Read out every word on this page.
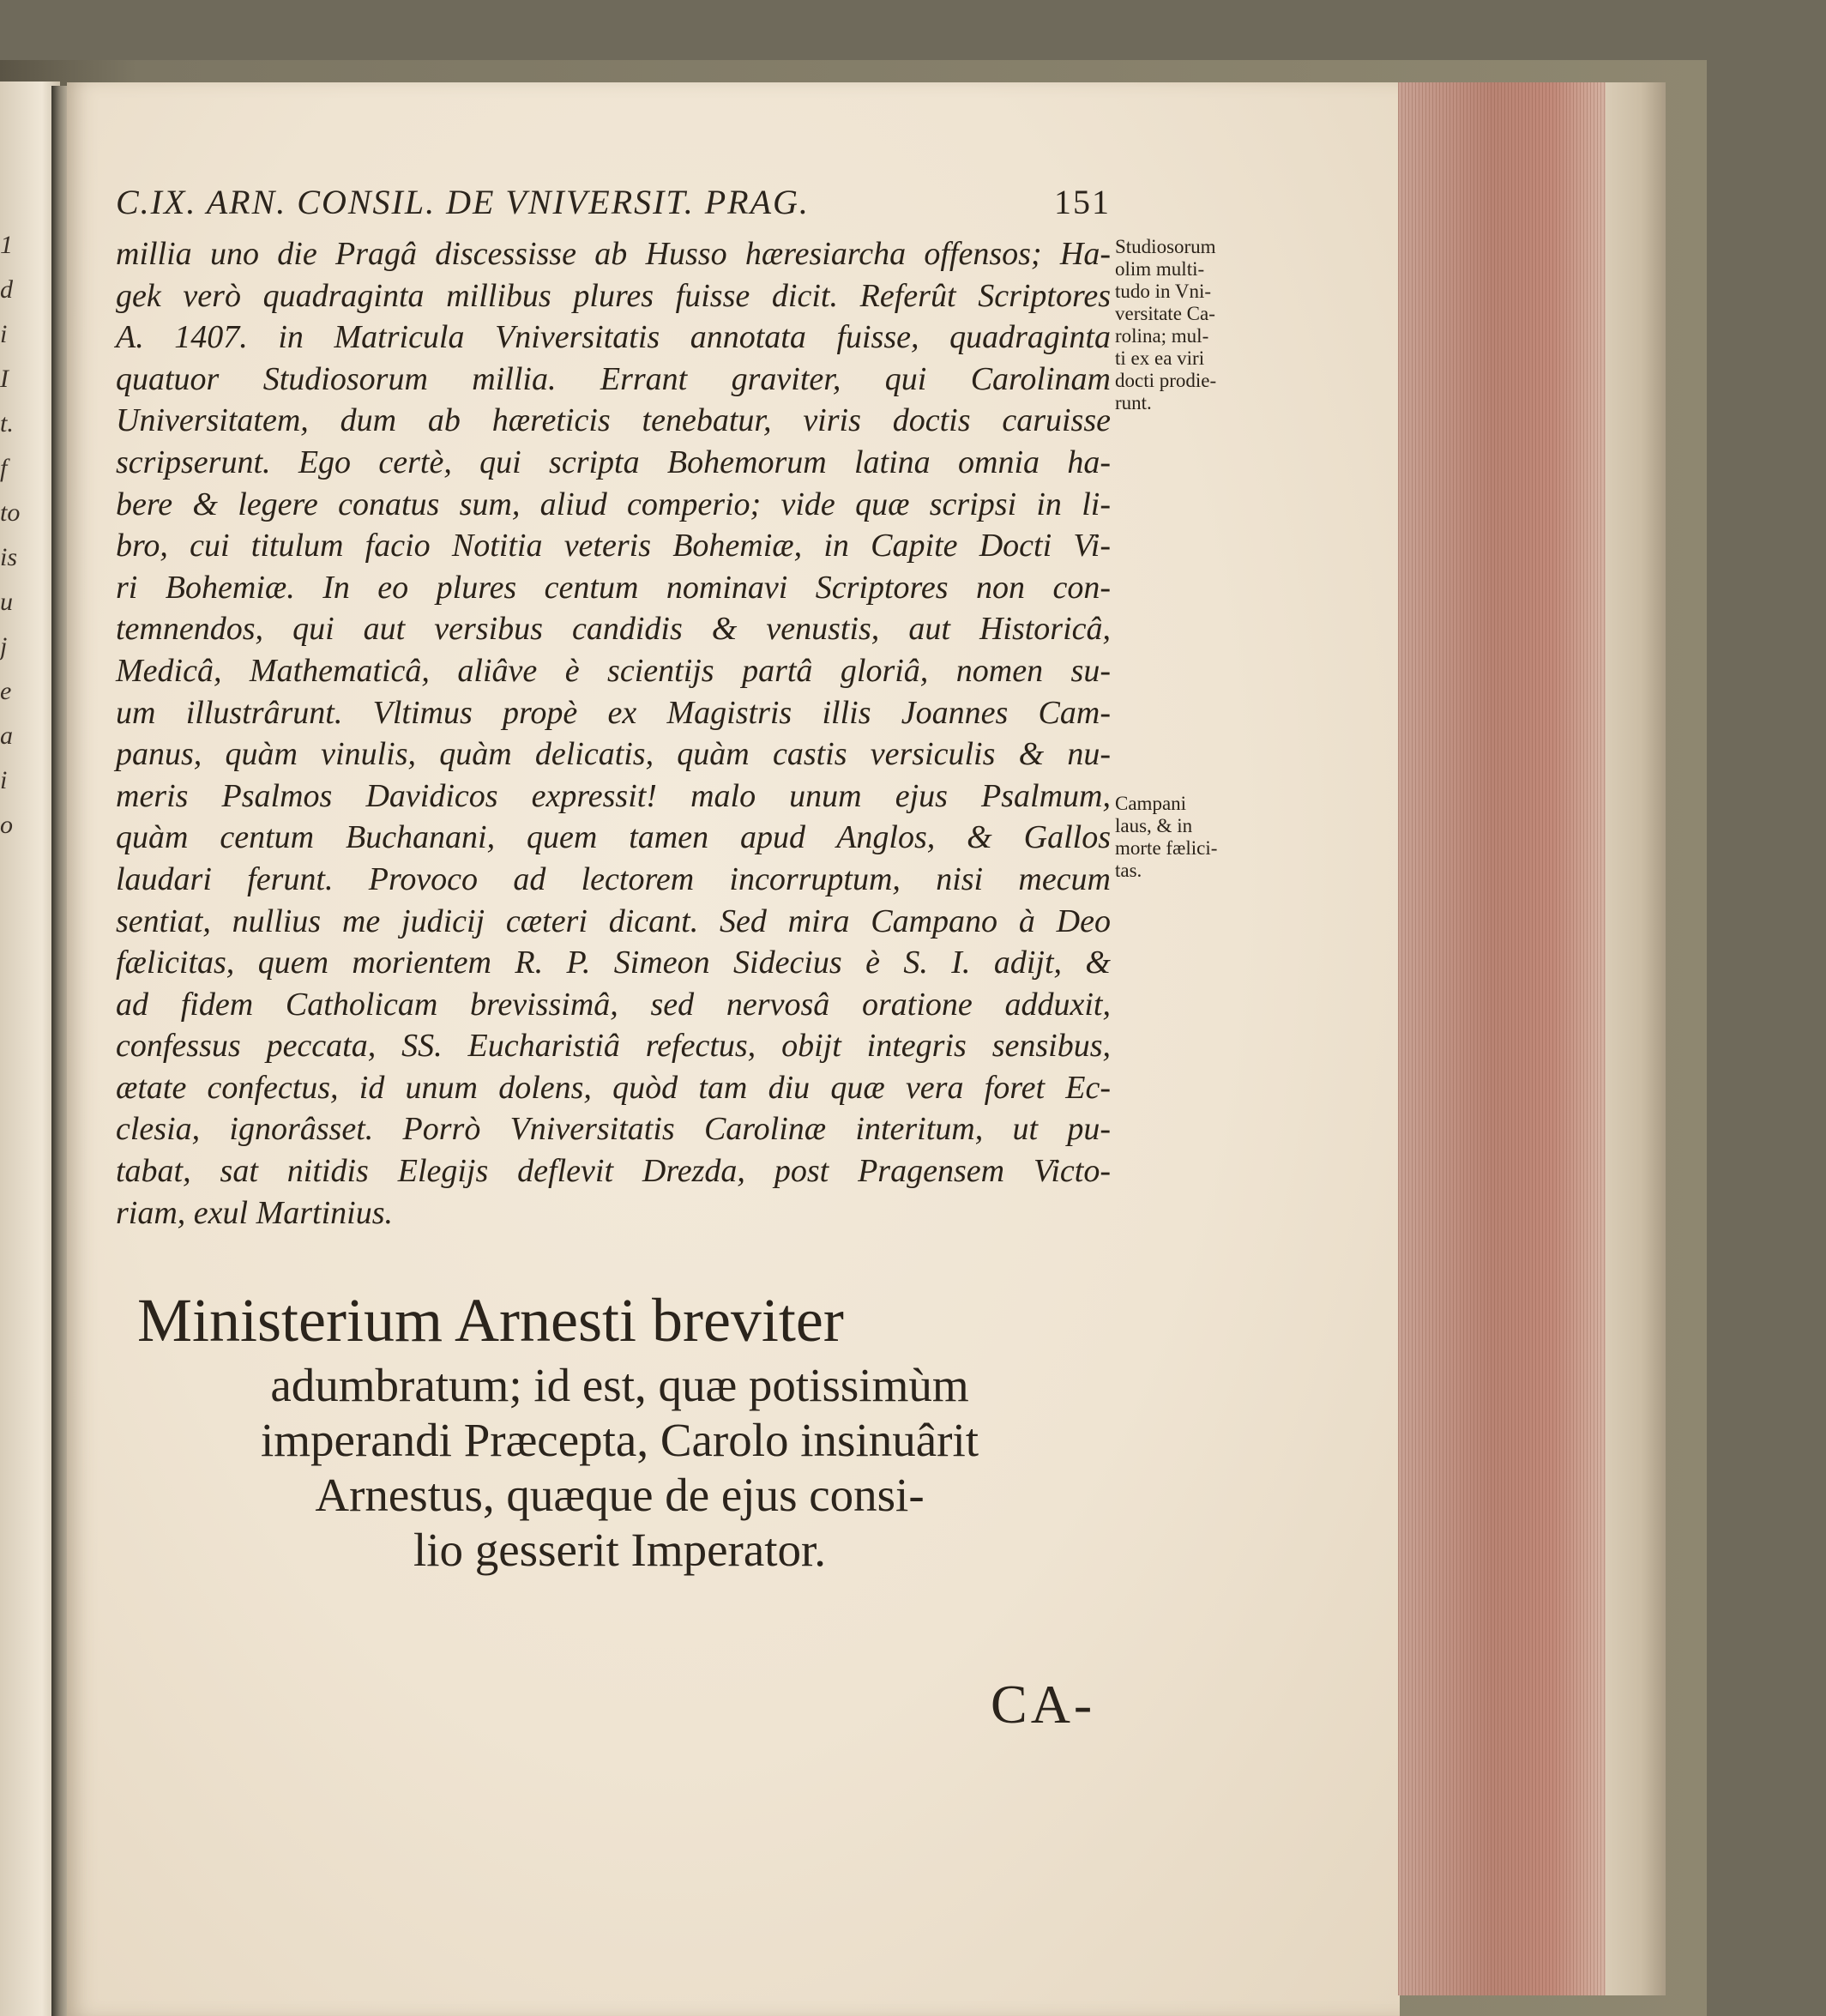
1
d
i
I
t.
f
to
is
u
j
e
a
i
o
C.IX. ARN. CONSIL. DE VNIVERSIT. PRAG.	151
millia uno die Pragâ discessisse ab Husso hæresiarcha offensos; Ha-
gek verò quadraginta millibus plures fuisse dicit. Referût Scriptores
A. 1407. in Matricula Vniversitatis annotata fuisse, quadraginta
quatuor Studiosorum millia. Errant graviter, qui Carolinam
Universitatem, dum ab hæreticis tenebatur, viris doctis caruisse
scripserunt. Ego certè, qui scripta Bohemorum latina omnia ha-
bere & legere conatus sum, aliud comperio; vide quæ scripsi in li-
bro, cui titulum facio Notitia veteris Bohemiæ, in Capite Docti Vi-
ri Bohemiæ. In eo plures centum nominavi Scriptores non con-
temnendos, qui aut versibus candidis & venustis, aut Historicâ,
Medicâ, Mathematicâ, aliâve è scientijs partâ gloriâ, nomen su-
um illustrârunt. Vltimus propè ex Magistris illis Joannes Cam-
panus, quàm vinulis, quàm delicatis, quàm castis versiculis & nu-
meris Psalmos Davidicos expressit! malo unum ejus Psalmum,
quàm centum Buchanani, quem tamen apud Anglos, & Gallos
laudari ferunt. Provoco ad lectorem incorruptum, nisi mecum
sentiat, nullius me judicij cæteri dicant. Sed mira Campano à Deo
fælicitas, quem morientem R. P. Simeon Sidecius è S. I. adijt, &
ad fidem Catholicam brevissimâ, sed nervosâ oratione adduxit,
confessus peccata, SS. Eucharistiâ refectus, obijt integris sensibus,
ætate confectus, id unum dolens, quòd tam diu quæ vera foret Ec-
clesia, ignorâsset. Porrò Vniversitatis Carolinæ interitum, ut pu-
tabat, sat nitidis Elegijs deflevit Drezda, post Pragensem Victo-
riam, exul Martinius.
Studiosorum
olim multi-
tudo in Vni-
versitate Ca-
rolina; mul-
ti ex ea viri
docti prodie-
runt.
Campani
laus, & in
morte fælici-
tas.
Ministerium Arnesti breviter
adumbratum; id est, quæ potissimùm
imperandi Præcepta, Carolo insinuârit
Arnestus, quæque de ejus consi-
lio gesserit Imperator.
CA-
